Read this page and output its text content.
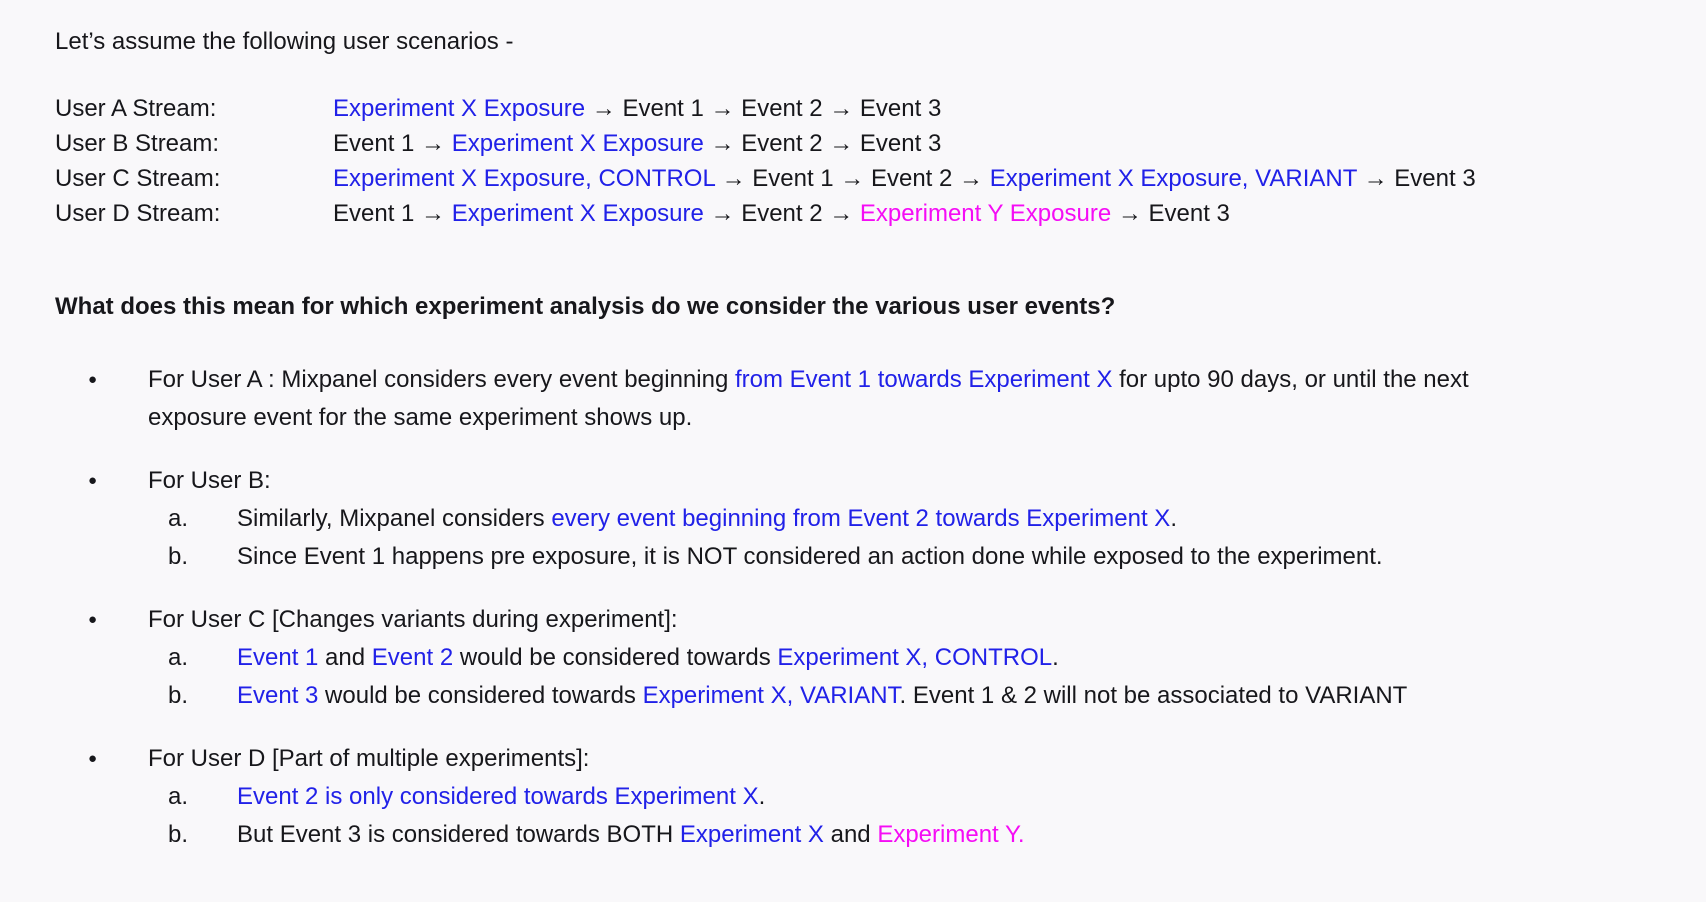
Let’s assume the following user scenarios -
User A Stream:	Experiment X Exposure → Event 1 → Event 2 → Event 3
User B Stream:	Event 1 → Experiment X Exposure → Event 2 → Event 3
User C Stream:	Experiment X Exposure, CONTROL → Event 1 → Event 2 → Experiment X Exposure, VARIANT → Event 3
User D Stream:	Event 1 → Experiment X Exposure → Event 2 → Experiment Y Exposure → Event 3
What does this mean for which experiment analysis do we consider the various user events?
●	For User A : Mixpanel considers every event beginning from Event 1 towards Experiment X for upto 90 days, or until the next exposure event for the same experiment shows up.
●	For User B:
a.	Similarly, Mixpanel considers every event beginning from Event 2 towards Experiment X.
b.	Since Event 1 happens pre exposure, it is NOT considered an action done while exposed to the experiment.
●	For User C [Changes variants during experiment]:
a.	Event 1 and Event 2 would be considered towards Experiment X, CONTROL.
b.	Event 3 would be considered towards Experiment X, VARIANT. Event 1 & 2 will not be associated to VARIANT
●	For User D [Part of multiple experiments]:
a.	Event 2 is only considered towards Experiment X.
b.	But Event 3 is considered towards BOTH Experiment X and Experiment Y.
